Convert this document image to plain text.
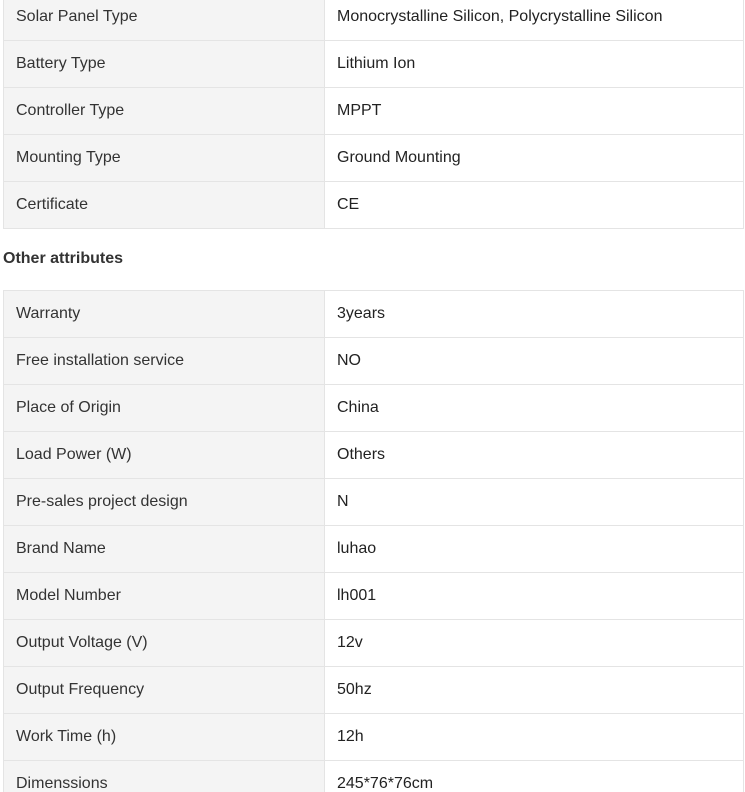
Solar Panel Type	Monocrystalline Silicon, Polycrystalline Silicon
Battery Type	Lithium Ion
Controller Type	MPPT
Mounting Type	Ground Mounting
Certificate	CE
Other attributes
Warranty	3years
Free installation service	NO
Place of Origin	China
Load Power (W)	Others
Pre-sales project design	N
Brand Name	luhao
Model Number	lh001
Output Voltage (V)	12v
Output Frequency	50hz
Work Time (h)	12h
Dimenssions	245*76*76cm
